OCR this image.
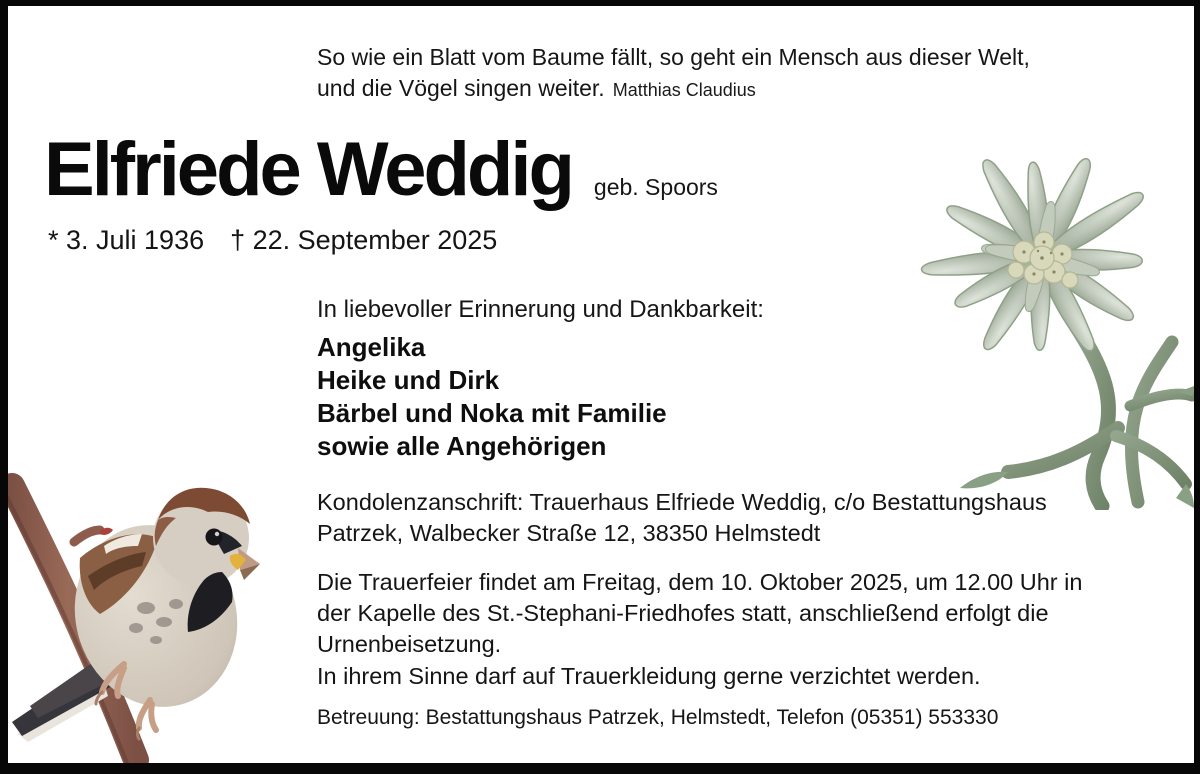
So wie ein Blatt vom Baume fällt, so geht ein Mensch aus dieser Welt,
und die Vögel singen weiter. Matthias Claudius
Elfriede Weddig geb. Spoors
* 3. Juli 1936 † 22. September 2025
In liebevoller Erinnerung und Dankbarkeit:
Angelika
Heike und Dirk
Bärbel und Noka mit Familie
sowie alle Angehörigen
Kondolenzanschrift: Trauerhaus Elfriede Weddig, c/o Bestattungshaus
Patrzek, Walbecker Straße 12, 38350 Helmstedt
Die Trauerfeier findet am Freitag, dem 10. Oktober 2025, um 12.00 Uhr in
der Kapelle des St.-Stephani-Friedhofes statt, anschließend erfolgt die
Urnenbeisetzung.
In ihrem Sinne darf auf Trauerkleidung gerne verzichtet werden.
Betreuung: Bestattungshaus Patrzek, Helmstedt, Telefon (05351) 553330
